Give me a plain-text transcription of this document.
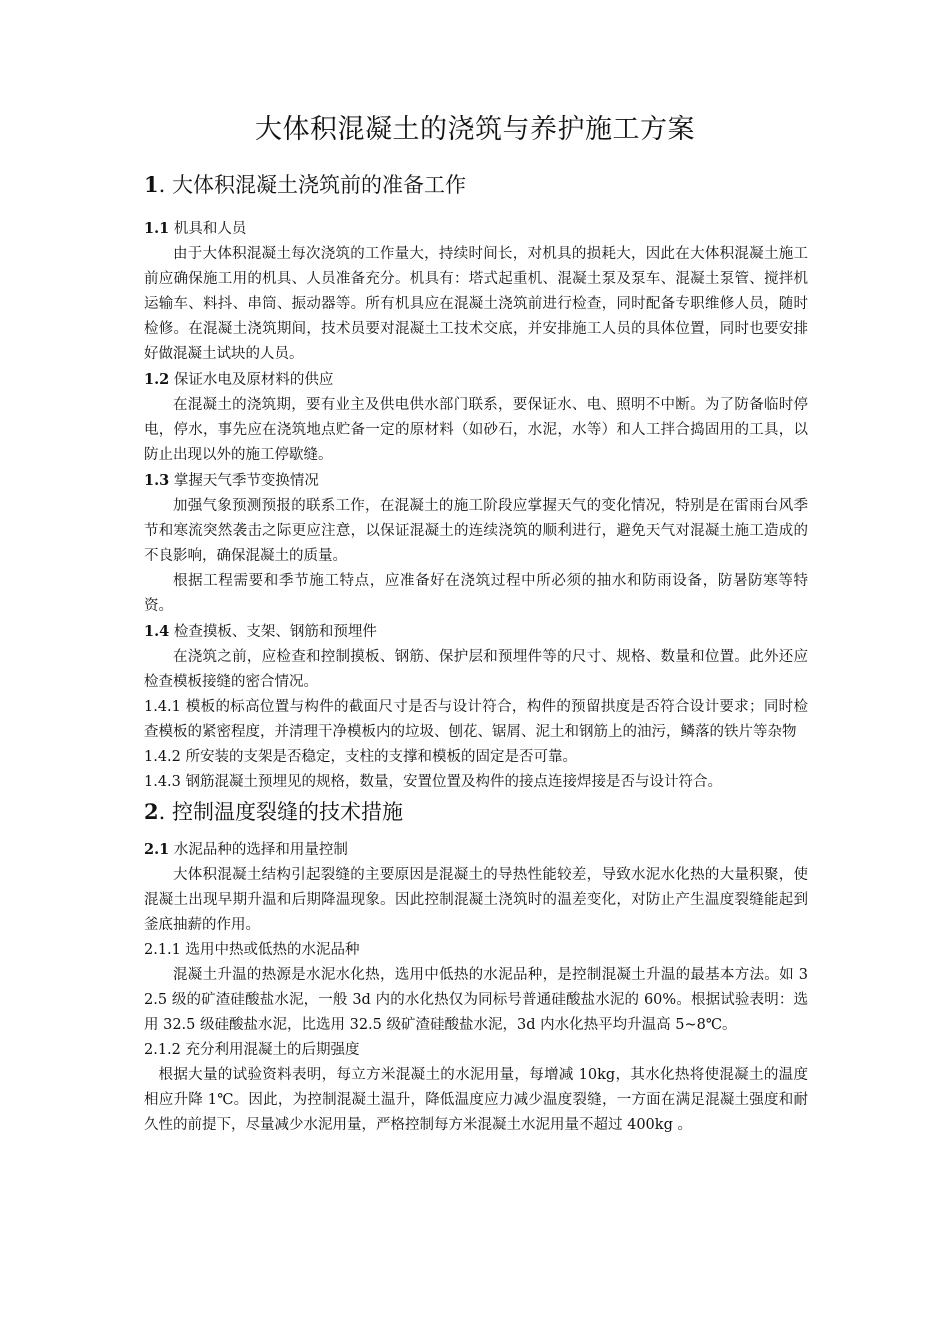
大体积混凝土的浇筑与养护施工方案
1. 大体积混凝土浇筑前的准备工作
1.1 机具和人员

由于大体积混凝土每次浇筑的工作量大，持续时间长，对机具的损耗大，因此在大体积混凝土施工前应确保施工用的机具、人员准备充分。机具有：塔式起重机、混凝土泵及泵车、混凝土泵管、搅拌机运输车、料抖、串筒、振动器等。所有机具应在混凝土浇筑前进行检查，同时配备专职维修人员，随时检修。在混凝土浇筑期间，技术员要对混凝土工技术交底，并安排施工人员的具体位置，同时也要安排好做混凝土试块的人员。

1.2 保证水电及原材料的供应

在混凝土的浇筑期，要有业主及供电供水部门联系，要保证水、电、照明不中断。为了防备临时停电，停水，事先应在浇筑地点贮备一定的原材料（如砂石，水泥，水等）和人工拌合捣固用的工具，以防止出现以外的施工停歇缝。

1.3 掌握天气季节变换情况

加强气象预测预报的联系工作，在混凝土的施工阶段应掌握天气的变化情况，特别是在雷雨台风季节和寒流突然袭击之际更应注意，以保证混凝土的连续浇筑的顺利进行，避免天气对混凝土施工造成的不良影响，确保混凝土的质量。

根据工程需要和季节施工特点，应准备好在浇筑过程中所必须的抽水和防雨设备，防暑防寒等特资。

1.4 检查摸板、支架、钢筋和预埋件

在浇筑之前，应检查和控制摸板、钢筋、保护层和预埋件等的尺寸、规格、数量和位置。此外还应检查模板接缝的密合情况。

1.4.1 模板的标高位置与构件的截面尺寸是否与设计符合，构件的预留拱度是否符合设计要求；同时检查模板的紧密程度，并清理干净模板内的垃圾、刨花、锯屑、泥土和钢筋上的油污，鳞落的铁片等杂物

1.4.2 所安装的支架是否稳定，支柱的支撑和模板的固定是否可靠。

1.4.3 钢筋混凝土预埋见的规格，数量，安置位置及构件的接点连接焊接是否与设计符合。

2. 控制温度裂缝的技术措施
2.1 水泥品种的选择和用量控制

大体积混凝土结构引起裂缝的主要原因是混凝土的导热性能较差，导致水泥水化热的大量积聚，使混凝土出现早期升温和后期降温现象。因此控制混凝土浇筑时的温差变化，对防止产生温度裂缝能起到釜底抽薪的作用。

2.1.1 选用中热或低热的水泥品种

混凝土升温的热源是水泥水化热，选用中低热的水泥品种，是控制混凝土升温的最基本方法。如 32.5 级的矿渣硅酸盐水泥，一般 3d 内的水化热仅为同标号普通硅酸盐水泥的 60%。根据试验表明：选用 32.5 级硅酸盐水泥，比选用 32.5 级矿渣硅酸盐水泥，3d 内水化热平均升温高 5~8℃。

2.1.2 充分利用混凝土的后期强度

根据大量的试验资料表明，每立方米混凝土的水泥用量，每增减 10kg，其水化热将使混凝土的温度相应升降 1℃。因此，为控制混凝土温升，降低温度应力减少温度裂缝，一方面在满足混凝土强度和耐久性的前提下，尽量减少水泥用量，严格控制每方米混凝土水泥用量不超过 400kg 。
